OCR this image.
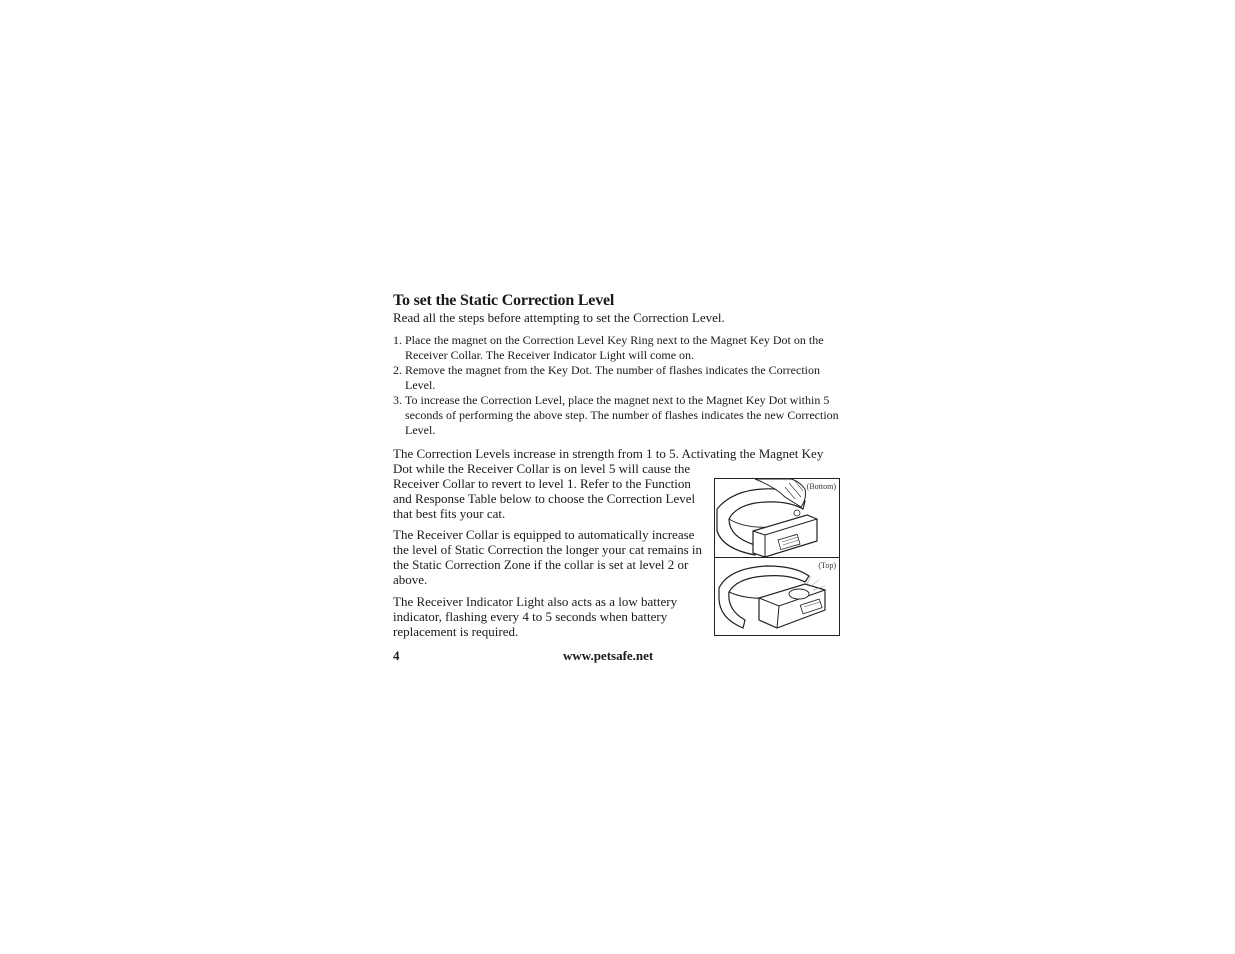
To set the Static Correction Level

Read all the steps before attempting to set the Correction Level.

1. Place the magnet on the Correction Level Key Ring next to the Magnet Key Dot on the Receiver Collar. The Receiver Indicator Light will come on.
2. Remove the magnet from the Key Dot. The number of flashes indicates the Correction Level.
3. To increase the Correction Level, place the magnet next to the Magnet Key Dot within 5 seconds of performing the above step. The number of flashes indicates the new Correction Level.

The Correction Levels increase in strength from 1 to 5. Activating the Magnet Key
Dot while the Receiver Collar is on level 5 will cause the Receiver Collar to revert to level 1. Refer to the Function and Response Table below to choose the Correction Level that best fits your cat.

The Receiver Collar is equipped to automatically increase the level of Static Correction the longer your cat remains in the Static Correction Zone if the collar is set at level 2 or above.

The Receiver Indicator Light also acts as a low battery indicator, flashing every 4 to 5 seconds when battery replacement is required.

(Bottom)
(Top)
4	www.petsafe.net
